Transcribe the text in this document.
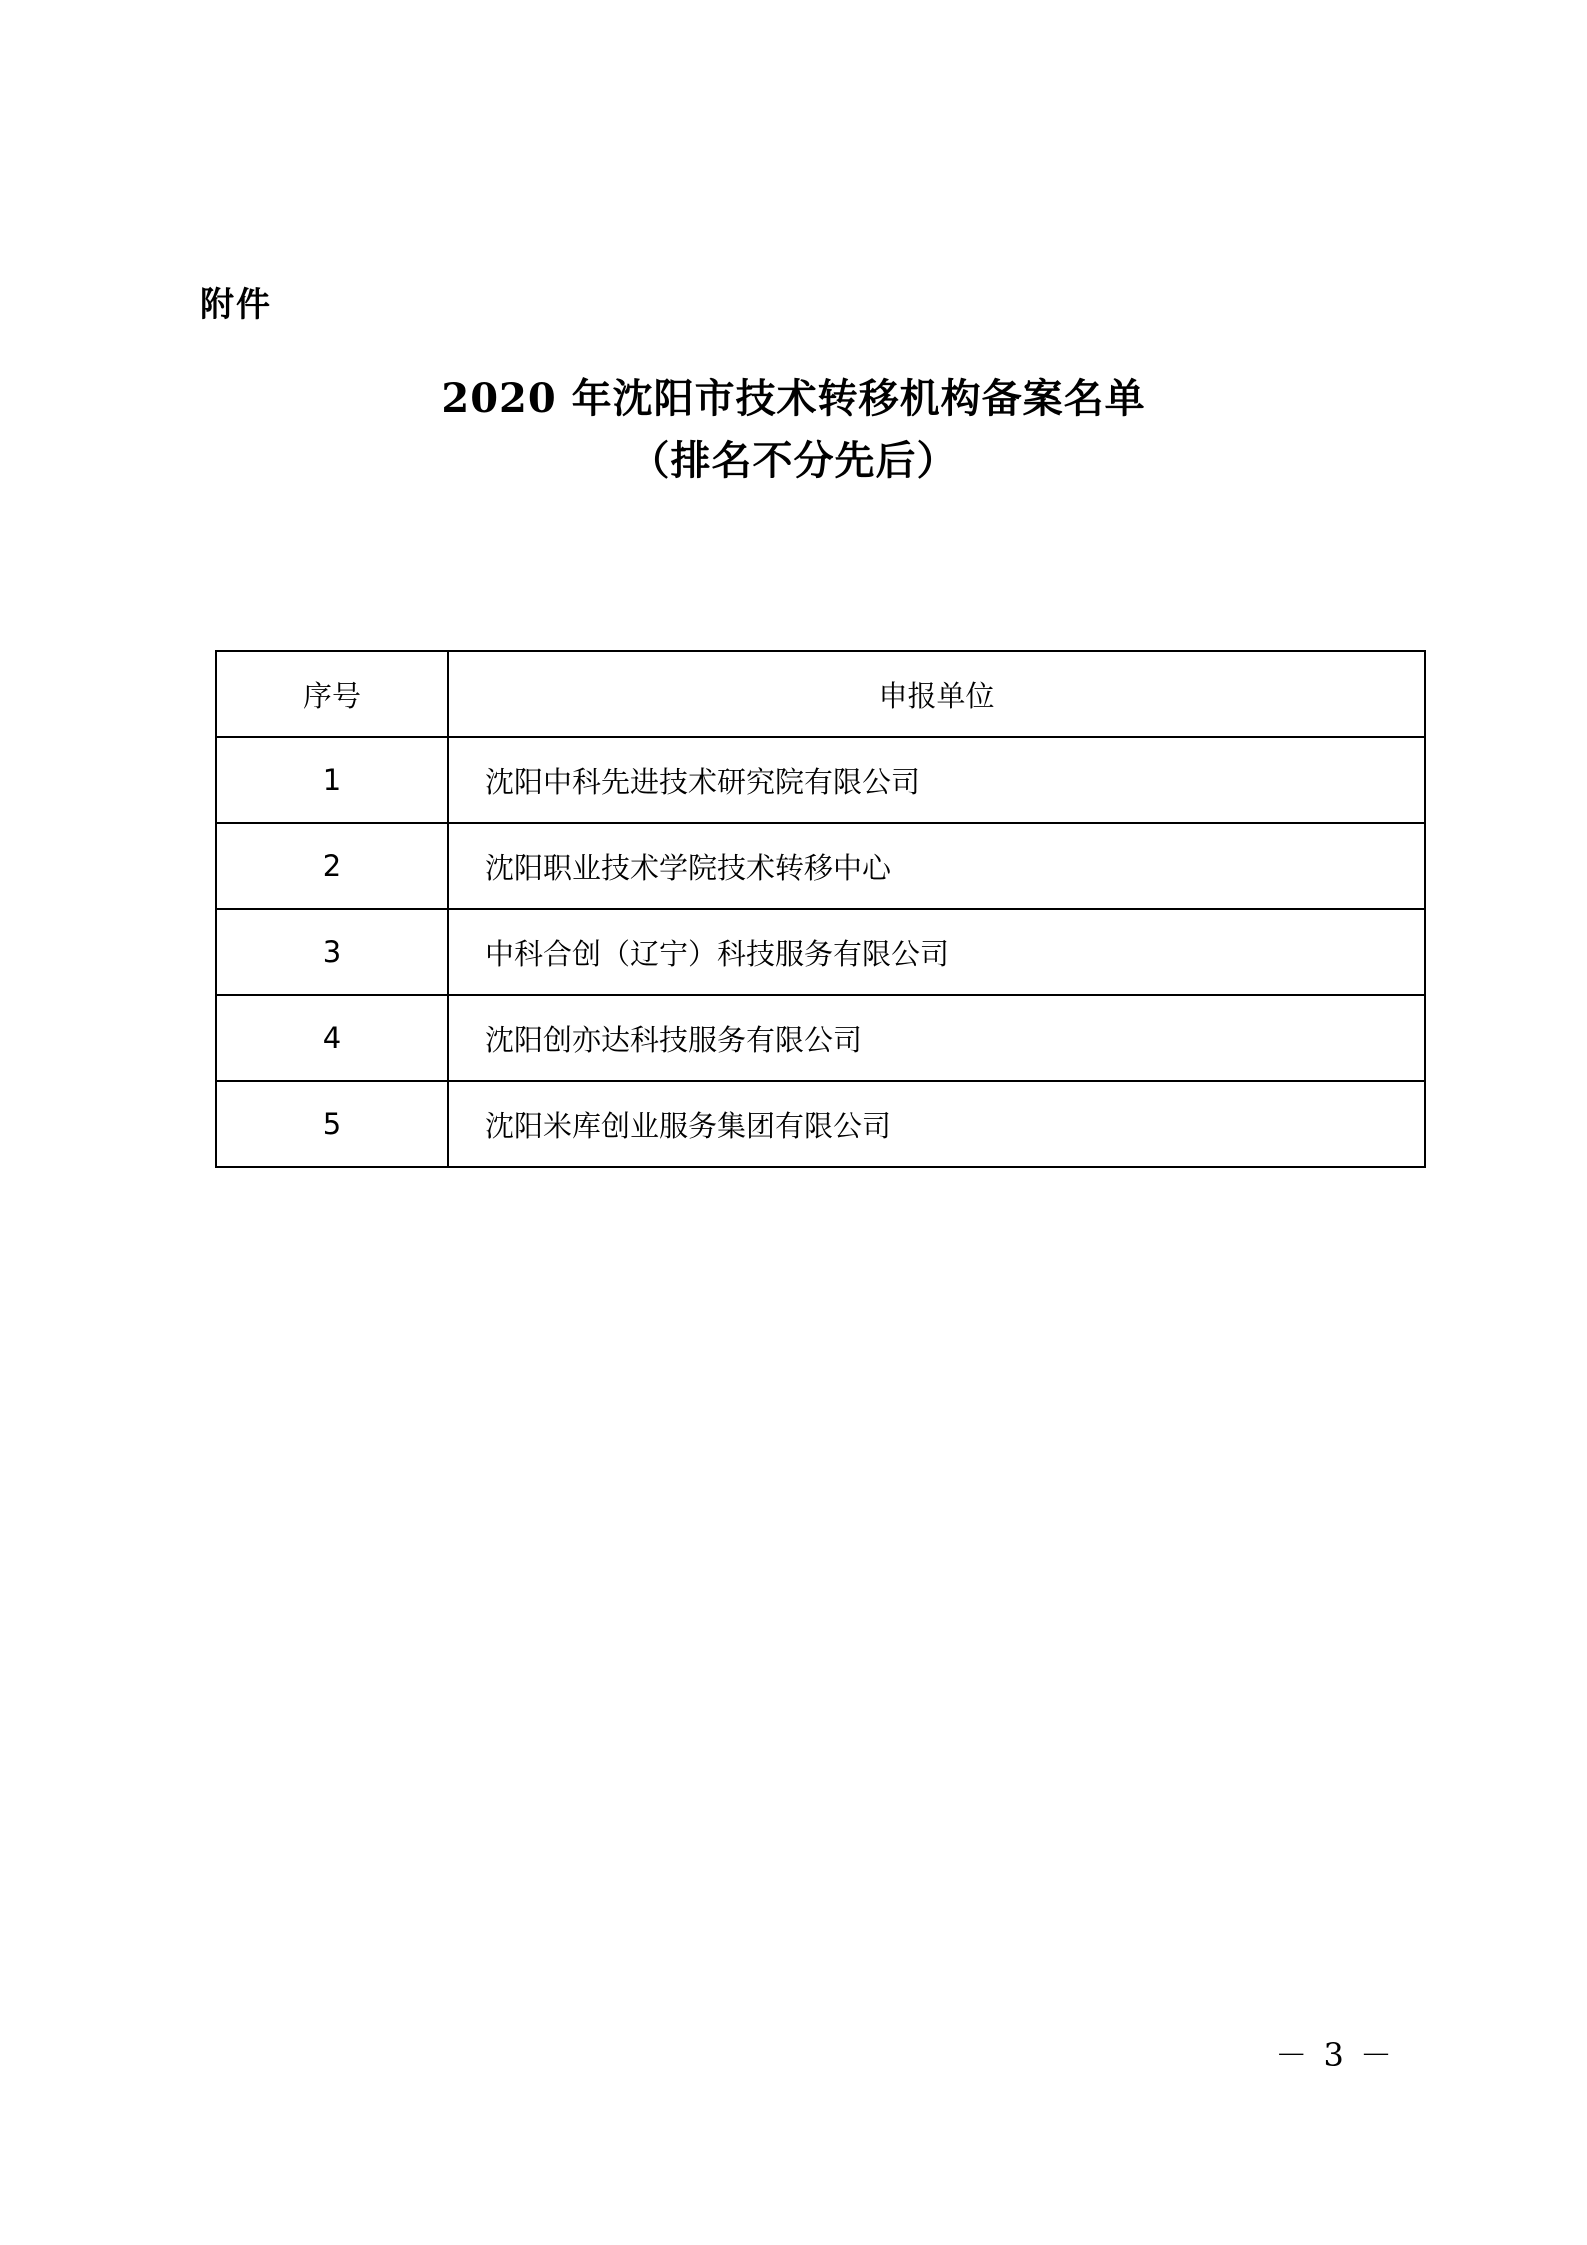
附件
2020 年沈阳市技术转移机构备案名单
（排名不分先后）
序号	申报单位
1	沈阳中科先进技术研究院有限公司
2	沈阳职业技术学院技术转移中心
3	中科合创（辽宁）科技服务有限公司
4	沈阳创亦达科技服务有限公司
5	沈阳米库创业服务集团有限公司
－ 3 －
